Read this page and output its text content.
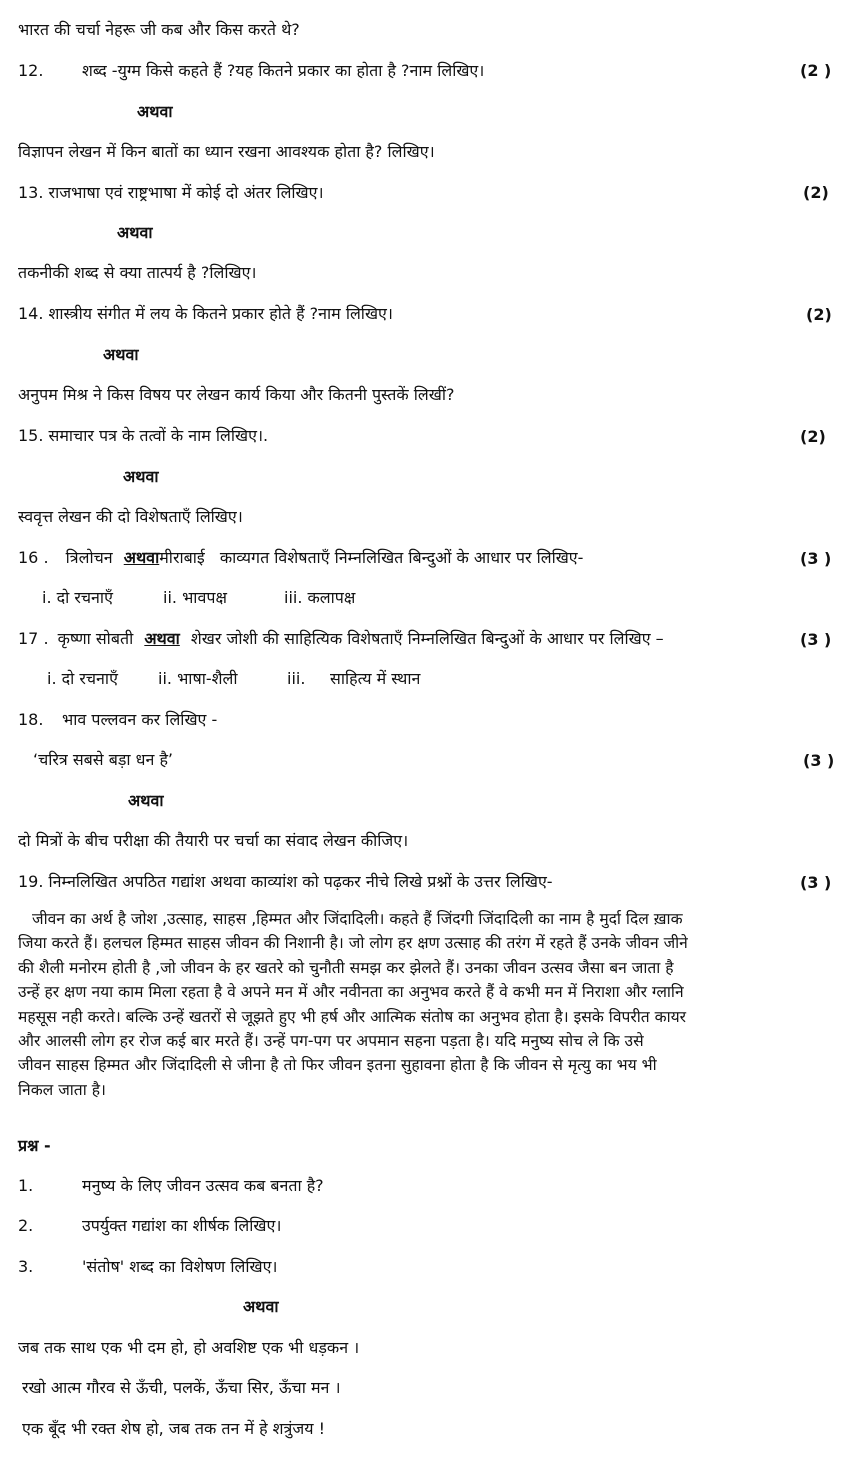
भारत की चर्चा नेहरू जी कब और किस करते थे?
12. शब्द -युग्म किसे कहते हैं ?यह कितने प्रकार का होता है ?नाम लिखिए।	(2 )
अथवा
विज्ञापन लेखन में किन बातों का ध्यान रखना आवश्यक होता है? लिखिए।
13. राजभाषा एवं राष्ट्रभाषा में कोई दो अंतर लिखिए।	(2)
अथवा
तकनीकी शब्द से क्या तात्पर्य है ?लिखिए।
14. शास्त्रीय संगीत में लय के कितने प्रकार होते हैं ?नाम लिखिए।	(2)
अथवा
अनुपम मिश्र ने किस विषय पर लेखन कार्य किया और कितनी पुस्तकें लिखीं?
15. समाचार पत्र के तत्वों के नाम लिखिए।.	(2)
अथवा
स्ववृत्त लेखन की दो विशेषताएँ लिखिए।
16 . त्रिलोचन अथवामीराबाई काव्यगत विशेषताएँ निम्नलिखित बिन्दुओं के आधार पर लिखिए-	(3 )
i. दो रचनाएँ	ii. भावपक्ष	iii. कलापक्ष
17 . कृष्णा सोबती अथवा शेखर जोशी की साहित्यिक विशेषताएँ निम्नलिखित बिन्दुओं के आधार पर लिखिए –	(3 )
i. दो रचनाएँ	ii. भाषा-शैली	iii. साहित्य में स्थान
18. भाव पल्लवन कर लिखिए -
‘चरित्र सबसे बड़ा धन है’	(3 )
अथवा
दो मित्रों के बीच परीक्षा की तैयारी पर चर्चा का संवाद लेखन कीजिए।
19. निम्नलिखित अपठित गद्यांश अथवा काव्यांश को पढ़कर नीचे लिखे प्रश्नों के उत्तर लिखिए-	(3 )
जीवन का अर्थ है जोश ,उत्साह, साहस ,हिम्मत और जिंदादिली। कहते हैं जिंदगी जिंदादिली का नाम है मुर्दा दिल ख़ाक
जिया करते हैं। हलचल हिम्मत साहस जीवन की निशानी है। जो लोग हर क्षण उत्साह की तरंग में रहते हैं उनके जीवन जीने
की शैली मनोरम होती है ,जो जीवन के हर खतरे को चुनौती समझ कर झेलते हैं। उनका जीवन उत्सव जैसा बन जाता है
उन्हें हर क्षण नया काम मिला रहता है वे अपने मन में और नवीनता का अनुभव करते हैं वे कभी मन में निराशा और ग्लानि
महसूस नही करते। बल्कि उन्हें खतरों से जूझते हुए भी हर्ष और आत्मिक संतोष का अनुभव होता है। इसके विपरीत कायर
और आलसी लोग हर रोज कई बार मरते हैं। उन्हें पग-पग पर अपमान सहना पड़ता है। यदि मनुष्य सोच ले कि उसे
जीवन साहस हिम्मत और जिंदादिली से जीना है तो फिर जीवन इतना सुहावना होता है कि जीवन से मृत्यु का भय भी
निकल जाता है।
प्रश्न -
1.	मनुष्य के लिए जीवन उत्सव कब बनता है?
2.	उपर्युक्त गद्यांश का शीर्षक लिखिए।
3.	'संतोष' शब्द का विशेषण लिखिए।
अथवा
जब तक साथ एक भी दम हो, हो अवशिष्ट एक भी धड़कन ।
रखो आत्म गौरव से ऊँची, पलकें, ऊँचा सिर, ऊँचा मन ।
एक बूँद भी रक्त शेष हो, जब तक तन में हे शत्रुंजय !
